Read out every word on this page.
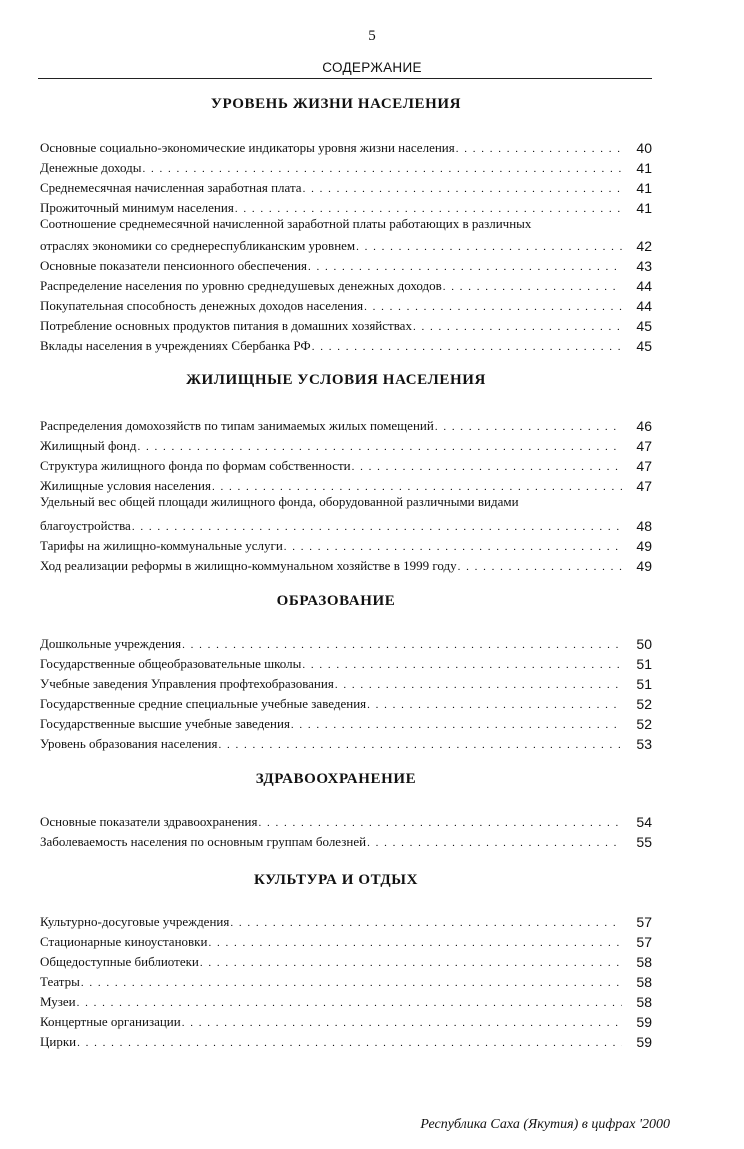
5
СОДЕРЖАНИЕ
УРОВЕНЬ ЖИЗНИ НАСЕЛЕНИЯ
Основные социально-экономические индикаторы уровня жизни населения . . .	40
Денежные доходы . . .	41
Среднемесячная начисленная заработная плата . . .	41
Прожиточный минимум населения . . .	41
Соотношение среднемесячной начисленной заработной платы работающих в различных
отраслях экономики со среднереспубликанским уровнем . . .	42
Основные показатели пенсионного обеспечения . . .	43
Распределение населения по уровню среднедушевых денежных доходов . . .	44
Покупательная способность денежных доходов населения . . .	44
Потребление основных продуктов питания в домашних хозяйствах . . .	45
Вклады населения в учреждениях Сбербанка РФ . . .	45
ЖИЛИЩНЫЕ УСЛОВИЯ НАСЕЛЕНИЯ
Распределения домохозяйств по типам занимаемых жилых помещений . . .	46
Жилищный фонд . . .	47
Структура жилищного фонда по формам собственности . . .	47
Жилищные условия населения . . .	47
Удельный вес общей площади жилищного фонда, оборудованной различными видами
благоустройства . . .	48
Тарифы на жилищно-коммунальные услуги . . .	49
Ход реализации реформы в жилищно-коммунальном хозяйстве в 1999 году . . .	49
ОБРАЗОВАНИЕ
Дошкольные учреждения . . .	50
Государственные общеобразовательные школы . . .	51
Учебные заведения Управления профтехобразования . . .	51
Государственные средние специальные учебные заведения . . .	52
Государственные высшие учебные заведения . . .	52
Уровень образования населения . . .	53
ЗДРАВООХРАНЕНИЕ
Основные показатели здравоохранения . . .	54
Заболеваемость населения по основным группам болезней . . .	55
КУЛЬТУРА И ОТДЫХ
Культурно-досуговые учреждения . . .	57
Стационарные киноустановки . . .	57
Общедоступные библиотеки . . .	58
Театры . . .	58
Музеи . . .	58
Концертные организации . . .	59
Цирки . . .	59
Республика Саха (Якутия) в цифрах '2000
